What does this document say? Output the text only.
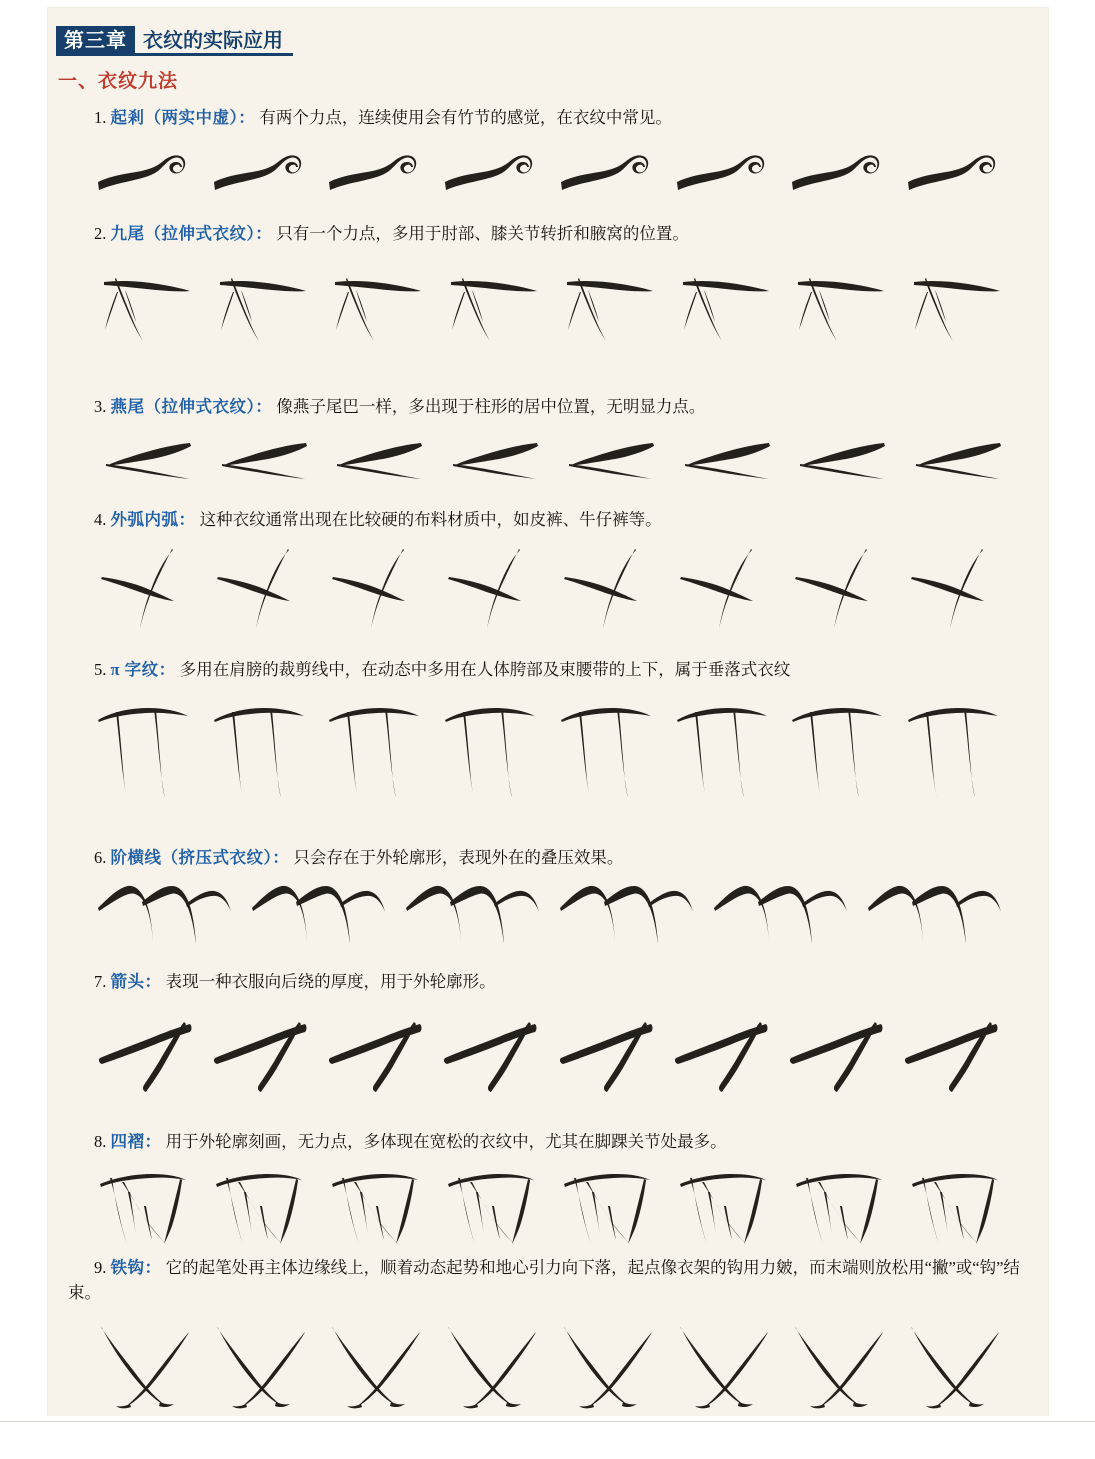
第三章 衣纹的实际应用
一、衣纹九法
1. 起剎（两实中虚）： 有两个力点，连续使用会有竹节的感觉，在衣纹中常见。
2. 九尾（拉伸式衣纹）： 只有一个力点，多用于肘部、膝关节转折和腋窝的位置。
3. 燕尾（拉伸式衣纹）： 像燕子尾巴一样，多出现于柱形的居中位置，无明显力点。
4. 外弧内弧： 这种衣纹通常出现在比较硬的布料材质中，如皮裤、牛仔裤等。
5. π 字纹： 多用在肩膀的裁剪线中，在动态中多用在人体胯部及束腰带的上下，属于垂落式衣纹
6. 阶横线（挤压式衣纹）： 只会存在于外轮廓形，表现外在的叠压效果。
7. 箭头： 表现一种衣服向后绕的厚度，用于外轮廓形。
8. 四褶： 用于外轮廓刻画，无力点，多体现在宽松的衣纹中，尤其在脚踝关节处最多。
9. 铁钩： 它的起笔处再主体边缘线上，顺着动态起势和地心引力向下落，起点像衣架的钩用力皴，而末端则放松用“撇”或“钩”结束。
